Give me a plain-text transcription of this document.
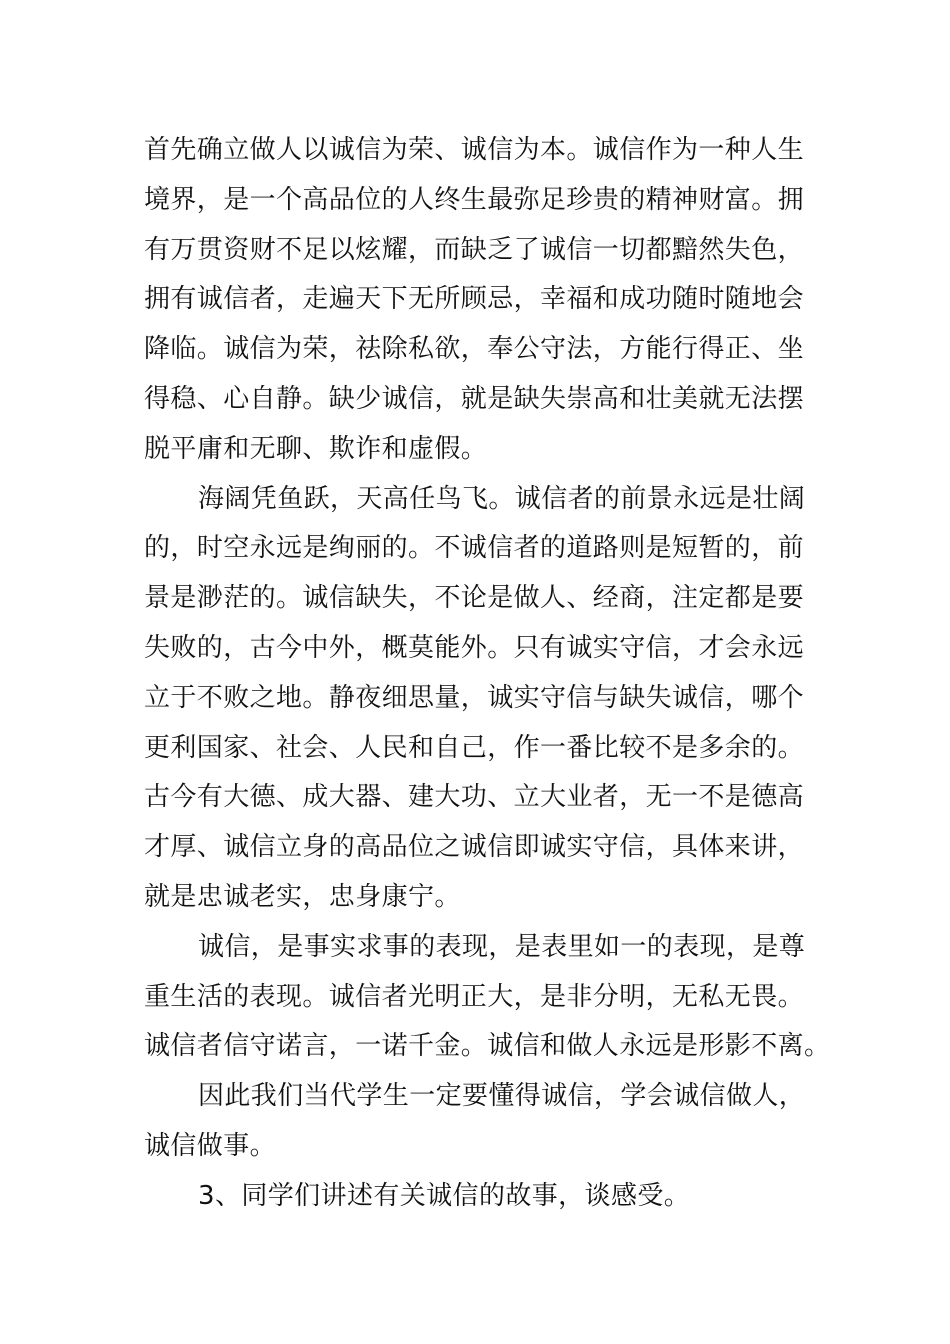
首先确立做人以诚信为荣、诚信为本。诚信作为一种人生
境界，是一个高品位的人终生最弥足珍贵的精神财富。拥
有万贯资财不足以炫耀，而缺乏了诚信一切都黯然失色，
拥有诚信者，走遍天下无所顾忌，幸福和成功随时随地会
降临。诚信为荣，祛除私欲，奉公守法，方能行得正、坐
得稳、心自静。缺少诚信，就是缺失崇高和壮美就无法摆
脱平庸和无聊、欺诈和虚假。
海阔凭鱼跃，天高任鸟飞。诚信者的前景永远是壮阔
的，时空永远是绚丽的。不诚信者的道路则是短暂的，前
景是渺茫的。诚信缺失，不论是做人、经商，注定都是要
失败的，古今中外，概莫能外。只有诚实守信，才会永远
立于不败之地。静夜细思量，诚实守信与缺失诚信，哪个
更利国家、社会、人民和自己，作一番比较不是多余的。
古今有大德、成大器、建大功、立大业者，无一不是德高
才厚、诚信立身的高品位之诚信即诚实守信，具体来讲，
就是忠诚老实，忠身康宁。
诚信，是事实求事的表现，是表里如一的表现，是尊
重生活的表现。诚信者光明正大，是非分明，无私无畏。
诚信者信守诺言，一诺千金。诚信和做人永远是形影不离。
因此我们当代学生一定要懂得诚信，学会诚信做人，
诚信做事。
3、同学们讲述有关诚信的故事，谈感受。
